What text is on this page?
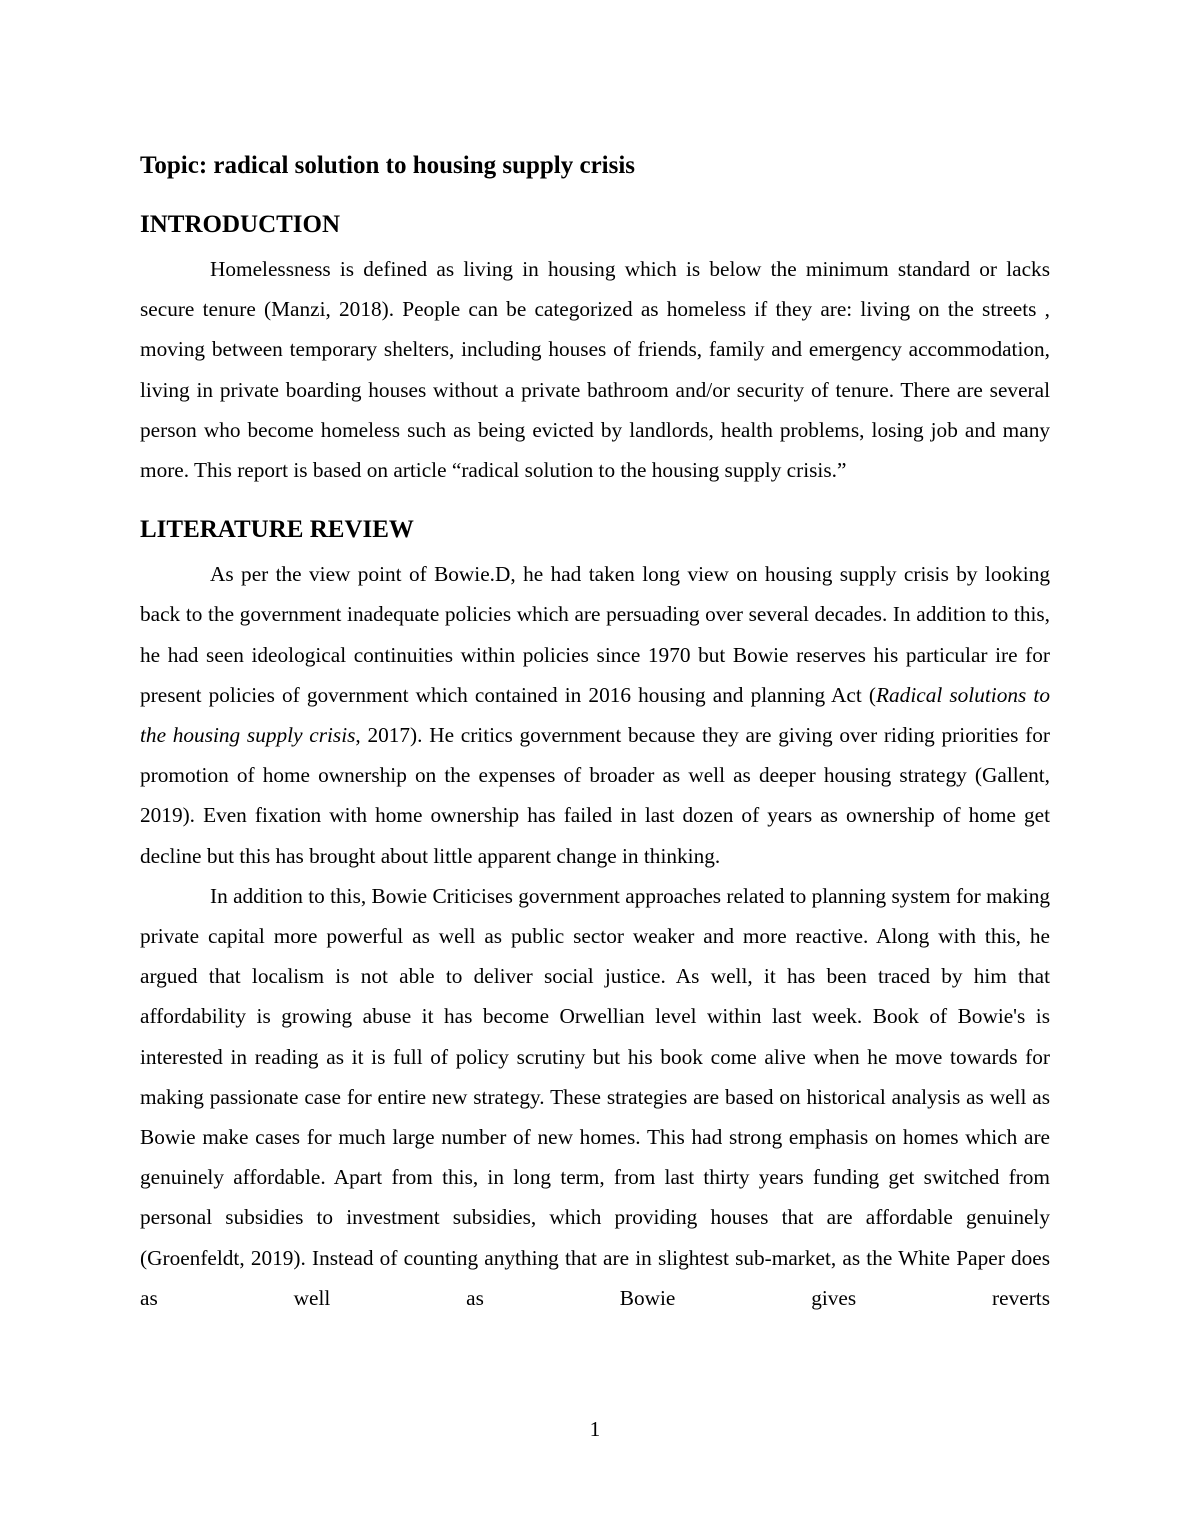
Topic: radical solution to housing supply crisis
INTRODUCTION

Homelessness is defined as living in housing which is below the minimum standard or lacks secure tenure (Manzi, 2018). People can be categorized as homeless if they are: living on the streets , moving between temporary shelters, including houses of friends, family and emergency accommodation, living in private boarding houses without a private bathroom and/or security of tenure. There are several person who become homeless such as being evicted by landlords, health problems, losing job and many more. This report is based on article “radical solution to the housing supply crisis.”

LITERATURE REVIEW

As per the view point of Bowie.D, he had taken long view on housing supply crisis by looking back to the government inadequate policies which are persuading over several decades. In addition to this, he had seen ideological continuities within policies since 1970 but Bowie reserves his particular ire for present policies of government which contained in 2016 housing and planning Act (Radical solutions to the housing supply crisis, 2017). He critics government because they are giving over riding priorities for promotion of home ownership on the expenses of broader as well as deeper housing strategy (Gallent, 2019). Even fixation with home ownership has failed in last dozen of years as ownership of home get decline but this has brought about little apparent change in thinking.

In addition to this, Bowie Criticises government approaches related to planning system for making private capital more powerful as well as public sector weaker and more reactive. Along with this, he argued that localism is not able to deliver social justice. As well, it has been traced by him that affordability is growing abuse it has become Orwellian level within last week. Book of Bowie's is interested in reading as it is full of policy scrutiny but his book come alive when he move towards for making passionate case for entire new strategy. These strategies are based on historical analysis as well as Bowie make cases for much large number of new homes. This had strong emphasis on homes which are genuinely affordable. Apart from this, in long term, from last thirty years funding get switched from personal subsidies to investment subsidies, which providing houses that are affordable genuinely (Groenfeldt, 2019). Instead of counting anything that are in slightest sub-market, as the White Paper does as well as Bowie gives reverts

1
